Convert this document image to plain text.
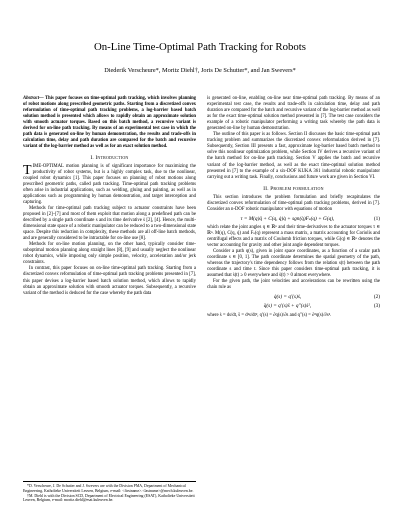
On-Line Time-Optimal Path Tracking for Robots
Diederik Verscheure*, Moritz Diehl†, Joris De Schutter*, and Jan Swevers*

Abstract— This paper focuses on time-optimal path tracking, which involves planning of robot motions along prescribed geometric paths. Starting from a discretized convex reformulation of time-optimal path tracking problems, a log-barrier based batch solution method is presented which allows to rapidly obtain an approximate solution with smooth actuator torques. Based on this batch method, a recursive variant is derived for on-line path tracking. By means of an experimental test case in which the path data is generated on-line by human demonstration, the results and trade-offs in calculation time, delay and path duration are compared for the batch and recursive variant of the log-barrier method as well as for an exact solution method.

I. Introduction

TIME-OPTIMAL motion planning is of significant importance for maximizing the productivity of robot systems, but is a highly complex task, due to the nonlinear, coupled robot dynamics [1]. This paper focuses on planning of robot motions along prescribed geometric paths, called path tracking. Time-optimal path tracking problems often arise in industrial applications, such as welding, gluing and painting, as well as in applications such as programming by human demonstration, and target interception and capturing.

Methods for time-optimal path tracking subject to actuator constraints have been proposed in [2]–[7] and most of them exploit that motion along a predefined path can be described by a single path coordinate s and its time derivative ṡ [2], [4]. Hence, the multi-dimensional state space of a robotic manipulator can be reduced to a two-dimensional state space. Despite this reduction in complexity, these methods are all off-line batch methods, and are generally considered to be intractable for on-line use [8].

Methods for on-line motion planning, on the other hand, typically consider time-suboptimal motion planning along straight lines [8], [9] and usually neglect the nonlinear robot dynamics, while imposing only simple position, velocity, acceleration and/or jerk constraints.

In contrast, this paper focuses on on-line time-optimal path tracking. Starting from a discretized convex reformulation of time-optimal path tracking problems presented in [7], this paper devises a log-barrier based batch solution method, which allows to rapidly obtain an approximate solution with smooth actuator torques. Subsequently, a recursive variant of the method is deduced for the case whereby the path data

is generated on-line, enabling on-line near time-optimal path tracking. By means of an experimental test case, the results and trade-offs in calculation time, delay and path duration are compared for the batch and recursive variant of the log-barrier method as well as for the exact time-optimal solution method presented in [7]. The test case considers the example of a robotic manipulator performing a writing task whereby the path data is generated on-line by human demonstration.

The outline of this paper is as follows. Section II discusses the basic time-optimal path tracking problem and summarizes the discretized convex reformulation derived in [7]. Subsequently, Section III presents a fast, approximate log-barrier based batch method to solve this nonlinear optimization problem, while Section IV derives a recursive variant of the batch method for on-line path tracking. Section V applies the batch and recursive variant of the log-barrier method, as well as the exact time-optimal solution method presented in [7] to the example of a six-DOF KUKA 361 industrial robotic manipulator carrying out a writing task. Finally, conclusions and future work are given in Section VI.

II. Problem formulation

This section introduces the problem formulation and briefly recapitulates the discretized convex reformulation of time-optimal path tracking problems, derived in [7]. Consider an n-DOF robotic manipulator with equations of motion

τ = M(q)q̈ + C(q, q̇)q̇ + sgn(q̇)Fₛ(q) + G(q),	(1)

which relate the joint angles q ∈ ℝⁿ and their time-derivatives to the actuator torques τ ∈ ℝⁿ. M(q), C(q, q̇) and Fₛ(q) represent a mass matrix, a matrix accounting for Coriolis and centrifugal effects and a matrix of Coulomb friction torques, while G(q) ∈ ℝⁿ denotes the vector accounting for gravity and other joint angle dependent torques.

Consider a path q(s), given in joint space coordinates, as a function of a scalar path coordinate s ∈ [0, 1]. The path coordinate determines the spatial geometry of the path, whereas the trajectory's time dependency follows from the relation s(t) between the path coordinate s and time t. Since this paper considers time-optimal path tracking, it is assumed that ṡ(t) ≥ 0 everywhere and ṡ(t) > 0 almost everywhere.

For the given path, the joint velocities and accelerations can be rewritten using the chain rule as

q̇(s) = q′(s)ṡ,	(2)
q̈(s) = q′(s)s̈ + q″(s)ṡ²,	(3)

where ṡ = ds/dt, s̈ = d²s/dt², q′(s) = ∂q(s)/∂s and q″(s) = ∂²q(s)/∂s².

*D. Verscheure, J. De Schutter and J. Swevers are with the Division PMA, Department of Mechanical Engineering, Katholieke Universiteit Leuven, Belgium, e-mail: <firstname>.<lastname>@mech.kuleuven.be.

†M. Diehl is with the Division SCD, Department of Electrical Engineering (ESAT), Katholieke Universiteit Leuven, Belgium, e-mail: moritz.diehl@esat.kuleuven.be.
